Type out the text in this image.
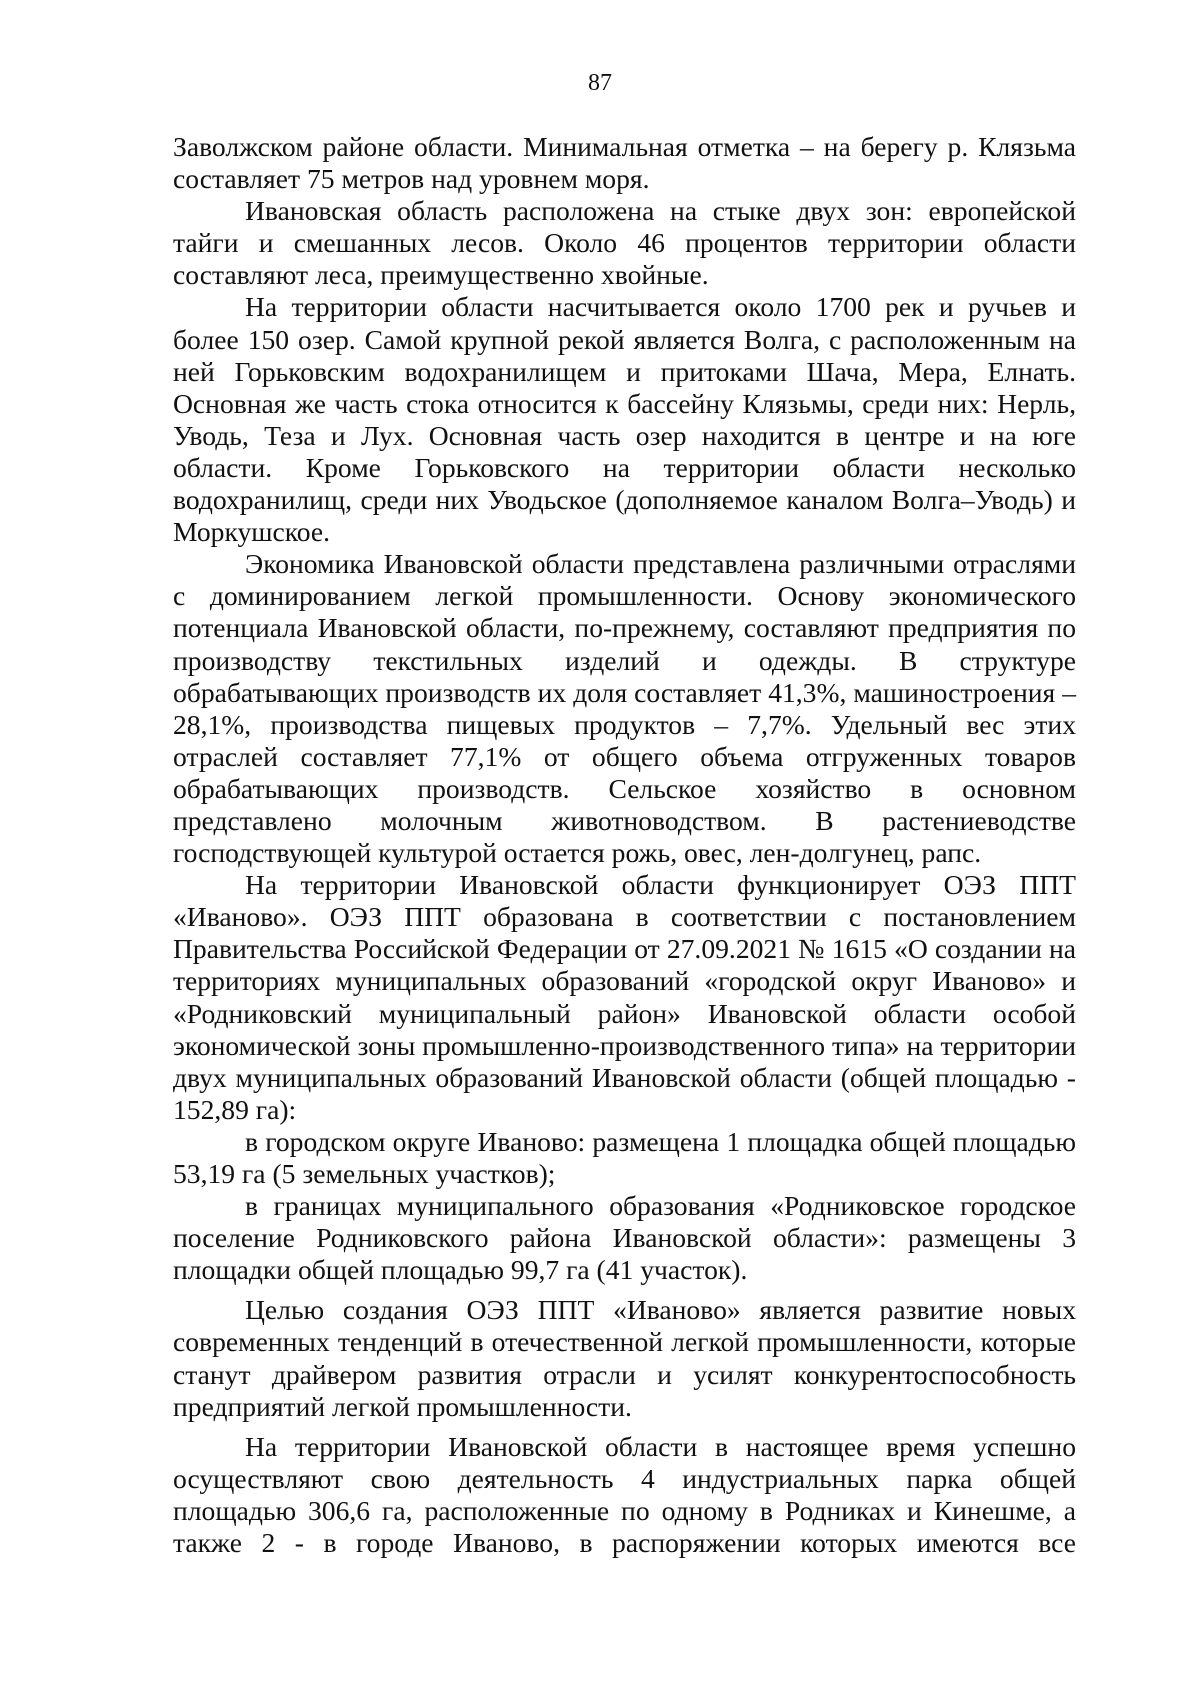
87

Заволжском районе области. Минимальная отметка – на берегу р. Клязьма составляет 75 метров над уровнем моря.

Ивановская область расположена на стыке двух зон: европейской тайги и смешанных лесов. Около 46 процентов территории области составляют леса, преимущественно хвойные.

На территории области насчитывается около 1700 рек и ручьев и более 150 озер. Самой крупной рекой является Волга, с расположенным на ней Горьковским водохранилищем и притоками Шача, Мера, Елнать. Основная же часть стока относится к бассейну Клязьмы, среди них: Нерль, Уводь, Теза и Лух. Основная часть озер находится в центре и на юге области. Кроме Горьковского на территории области несколько водохранилищ, среди них Уводьское (дополняемое каналом Волга–Уводь) и Моркушское.

Экономика Ивановской области представлена различными отраслями с доминированием легкой промышленности. Основу экономического потенциала Ивановской области, по-прежнему, составляют предприятия по производству текстильных изделий и одежды. В структуре обрабатывающих производств их доля составляет 41,3%, машиностроения – 28,1%, производства пищевых продуктов – 7,7%. Удельный вес этих отраслей составляет 77,1% от общего объема отгруженных товаров обрабатывающих производств. Сельское хозяйство в основном представлено молочным животноводством. В растениеводстве господствующей культурой остается рожь, овес, лен-долгунец, рапс.

На территории Ивановской области функционирует ОЭЗ ППТ «Иваново». ОЭЗ ППТ образована в соответствии с постановлением Правительства Российской Федерации от 27.09.2021 № 1615 «О создании на территориях муниципальных образований «городской округ Иваново» и «Родниковский муниципальный район» Ивановской области особой экономической зоны промышленно-производственного типа» на территории двух муниципальных образований Ивановской области (общей площадью - 152,89 га):

в городском округе Иваново: размещена 1 площадка общей площадью 53,19 га (5 земельных участков);

в границах муниципального образования «Родниковское городское поселение Родниковского района Ивановской области»: размещены 3 площадки общей площадью 99,7 га (41 участок).

Целью создания ОЭЗ ППТ «Иваново» является развитие новых современных тенденций в отечественной легкой промышленности, которые станут драйвером развития отрасли и усилят конкурентоспособность предприятий легкой промышленности.

На территории Ивановской области в настоящее время успешно осуществляют свою деятельность 4 индустриальных парка общей площадью 306,6 га, расположенные по одному в Родниках и Кинешме, а также 2 - в городе Иваново, в распоряжении которых имеются все
